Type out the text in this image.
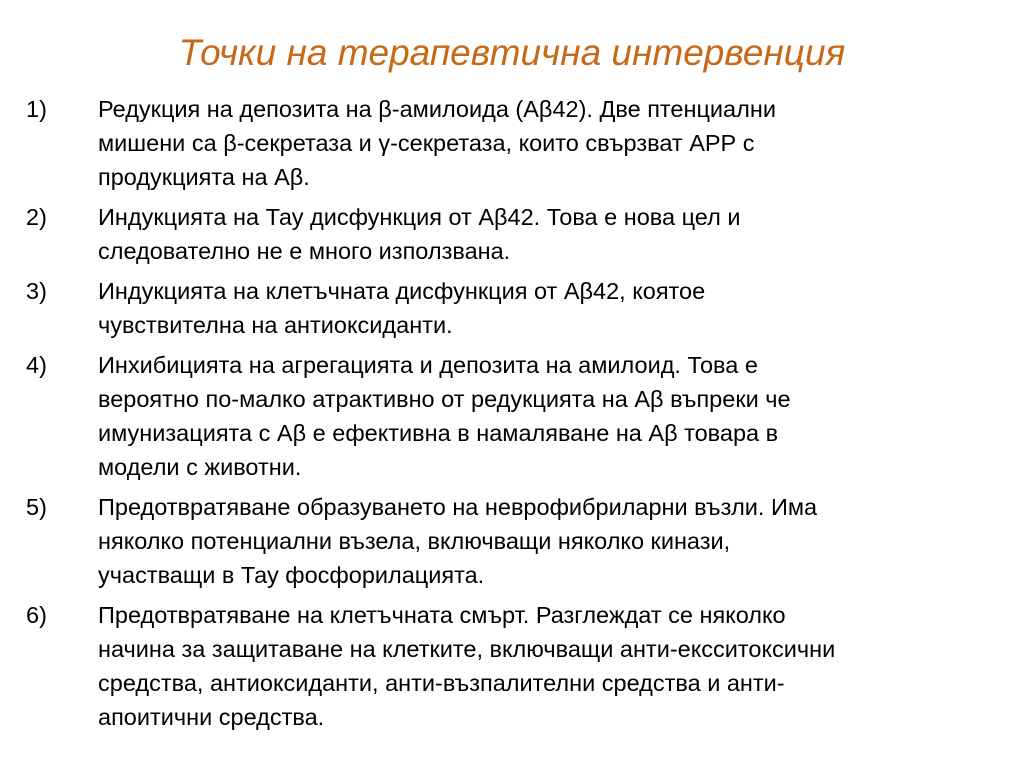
Точки на терапевтична интервенция
1)	Редукция на депозита на β-амилоида (Аβ42). Две птенциални
мишени са β-секретаза и γ-секретаза, които свързват АРР с
продукцията на Аβ.
2)	Индукцията на Тау дисфункция от Аβ42. Това е нова цел и
следователно не е много използвана.
3)	Индукцията на клетъчната дисфункция от Аβ42, коятое
чувствителна на антиоксиданти.
4)	Инхибицията на агрегацията и депозита на амилоид. Това е
вероятно по-малко атрактивно от редукцията на Аβ въпреки че
имунизацията с Аβ е ефективна в намаляване на Аβ товара в
модели с животни.
5)	Предотвратяване образуването на неврофибриларни възли. Има
няколко потенциални възела, включващи няколко кинази,
участващи в Тау фосфорилацията.
6)	Предотвратяване на клетъчната смърт. Разглеждат се няколко
начина за защитаване на клетките, включващи анти-ексситоксични
средства, антиоксиданти, анти-възпалителни средства и анти-
апоитични средства.
